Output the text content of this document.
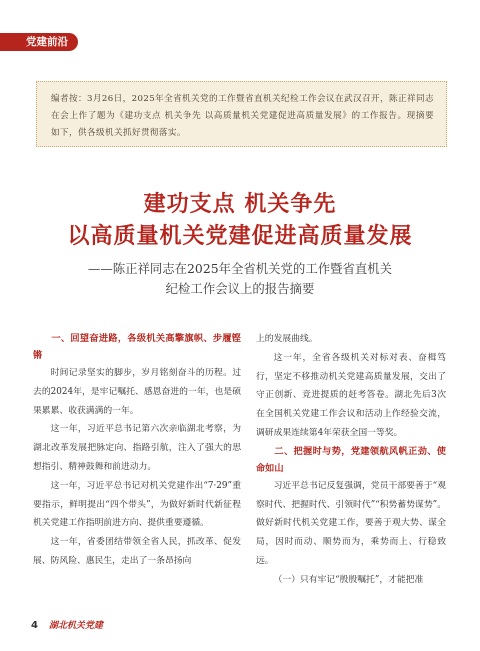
党建前沿
编者按：3月26日，2025年全省机关党的工作暨省直机关纪检工作会议在武汉召开，陈正祥同志在会上作了题为《建功支点 机关争先 以高质量机关党建促进高质量发展》的工作报告。现摘要如下，供各级机关抓好贯彻落实。
建功支点 机关争先
以高质量机关党建促进高质量发展
——陈正祥同志在2025年全省机关党的工作暨省直机关
纪检工作会议上的报告摘要

一、回望奋进路，各级机关高擎旗帜、步履铿锵

时间记录坚实的脚步，岁月铭刻奋斗的历程。过去的2024年，是牢记嘱托、感恩奋进的一年，也是硕果累累、收获满满的一年。

这一年，习近平总书记第六次亲临湖北考察，为湖北改革发展把脉定向、指路引航，注入了强大的思想指引、精神鼓舞和前进动力。

这一年，习近平总书记对机关党建作出“7·29”重要指示，鲜明提出“四个带头”，为做好新时代新征程机关党建工作指明前进方向、提供重要遵循。

这一年，省委团结带领全省人民，抓改革、促发展、防风险、惠民生，走出了一条昂扬向

上的发展曲线。

这一年，全省各级机关对标对表、奋楫笃行，坚定不移推动机关党建高质量发展，交出了守正创新、竞进提质的赶考答卷。湖北先后3次在全国机关党建工作会议和活动上作经验交流，调研成果连续第4年荣获全国一等奖。

二、把握时与势，党建领航风帆正劲、使命如山

习近平总书记反复强调，党员干部要善于“观察时代、把握时代、引领时代”“积势蓄势谋势”。做好新时代机关党建工作，要善于观大势、谋全局，因时而动、顺势而为，乘势而上、行稳致远。

（一）只有牢记“殷殷嘱托”，才能把准

4 湖北机关党建
